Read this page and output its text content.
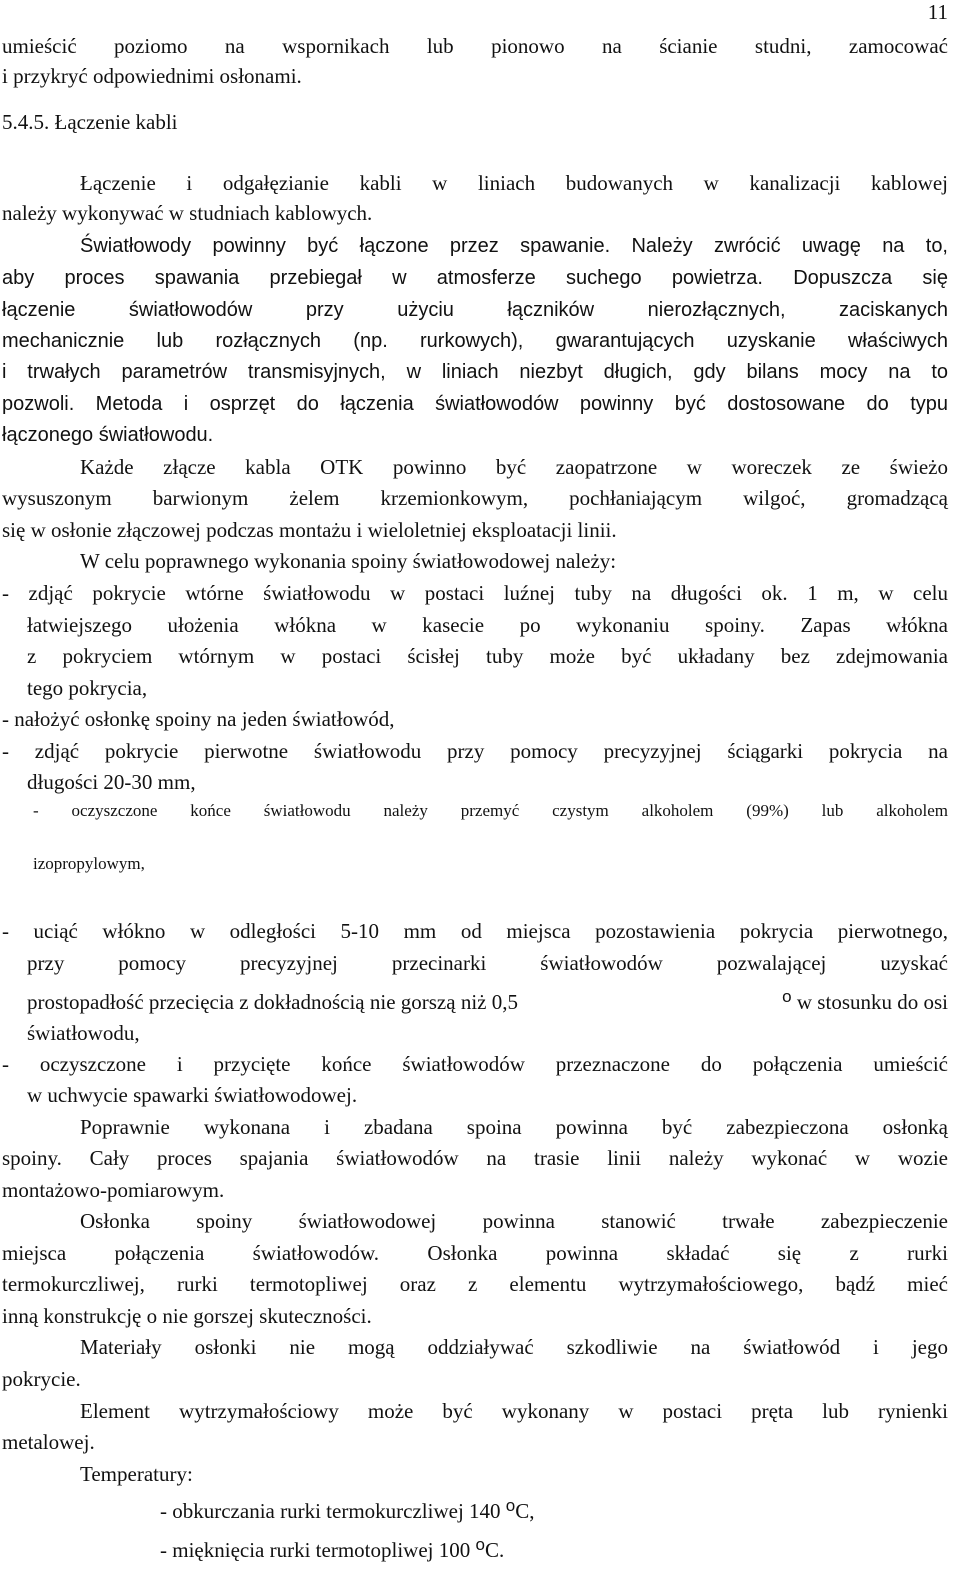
11
umieścić poziomo na wspornikach lub pionowo na ścianie studni, zamocować
i przykryć odpowiednimi osłonami.
5.4.5. Łączenie kabli
Łączenie i odgałęzianie kabli w liniach budowanych w kanalizacji kablowej
należy wykonywać w studniach kablowych.
Światłowody powinny być łączone przez spawanie. Należy zwrócić uwagę na to,
aby proces spawania przebiegał w atmosferze suchego powietrza. Dopuszcza się
łączenie światłowodów przy użyciu łączników nierozłącznych, zaciskanych
mechanicznie lub rozłącznych (np. rurkowych), gwarantujących uzyskanie właściwych
i trwałych parametrów transmisyjnych, w liniach niezbyt długich, gdy bilans mocy na to
pozwoli. Metoda i osprzęt do łączenia światłowodów powinny być dostosowane do typu
łączonego światłowodu.
Każde złącze kabla OTK powinno być zaopatrzone w woreczek ze świeżo
wysuszonym barwionym żelem krzemionkowym, pochłaniającym wilgoć, gromadzącą
się w osłonie złączowej podczas montażu i wieloletniej eksploatacji linii.
W celu poprawnego wykonania spoiny światłowodowej należy:
- zdjąć pokrycie wtórne światłowodu w postaci luźnej tuby na długości ok. 1 m, w celu
łatwiejszego ułożenia włókna w kasecie po wykonaniu spoiny. Zapas włókna
z pokryciem wtórnym w postaci ścisłej tuby może być układany bez zdejmowania
tego pokrycia,
- nałożyć osłonkę spoiny na jeden światłowód,
- zdjąć pokrycie pierwotne światłowodu przy pomocy precyzyjnej ściągarki pokrycia na
długości 20-30 mm,
- oczyszczone końce światłowodu należy przemyć czystym alkoholem (99%) lub alkoholem
izopropylowym,
- uciąć włókno w odległości 5-10 mm od miejsca pozostawienia pokrycia pierwotnego,
przy pomocy precyzyjnej przecinarki światłowodów pozwalającej uzyskać
prostopadłość przecięcia z dokładnością nie gorszą niż 0,5	$^o$ w stosunku do osi
światłowodu,
- oczyszczone i przycięte końce światłowodów przeznaczone do połączenia umieścić
w uchwycie spawarki światłowodowej.
Poprawnie wykonana i zbadana spoina powinna być zabezpieczona osłonką
spoiny. Cały proces spajania światłowodów na trasie linii należy wykonać w wozie
montażowo-pomiarowym.
Osłonka spoiny światłowodowej powinna stanowić trwałe zabezpieczenie
miejsca połączenia światłowodów. Osłonka powinna składać się z rurki
termokurczliwej, rurki termotopliwej oraz z elementu wytrzymałościowego, bądź mieć
inną konstrukcję o nie gorszej skuteczności.
Materiały osłonki nie mogą oddziaływać szkodliwie na światłowód i jego
pokrycie.
Element wytrzymałościowy może być wykonany w postaci pręta lub rynienki
metalowej.
Temperatury:
- obkurczania rurki termokurczliwej 140 $^o$C,
- mięknięcia rurki termotopliwej 100 $^o$C.
